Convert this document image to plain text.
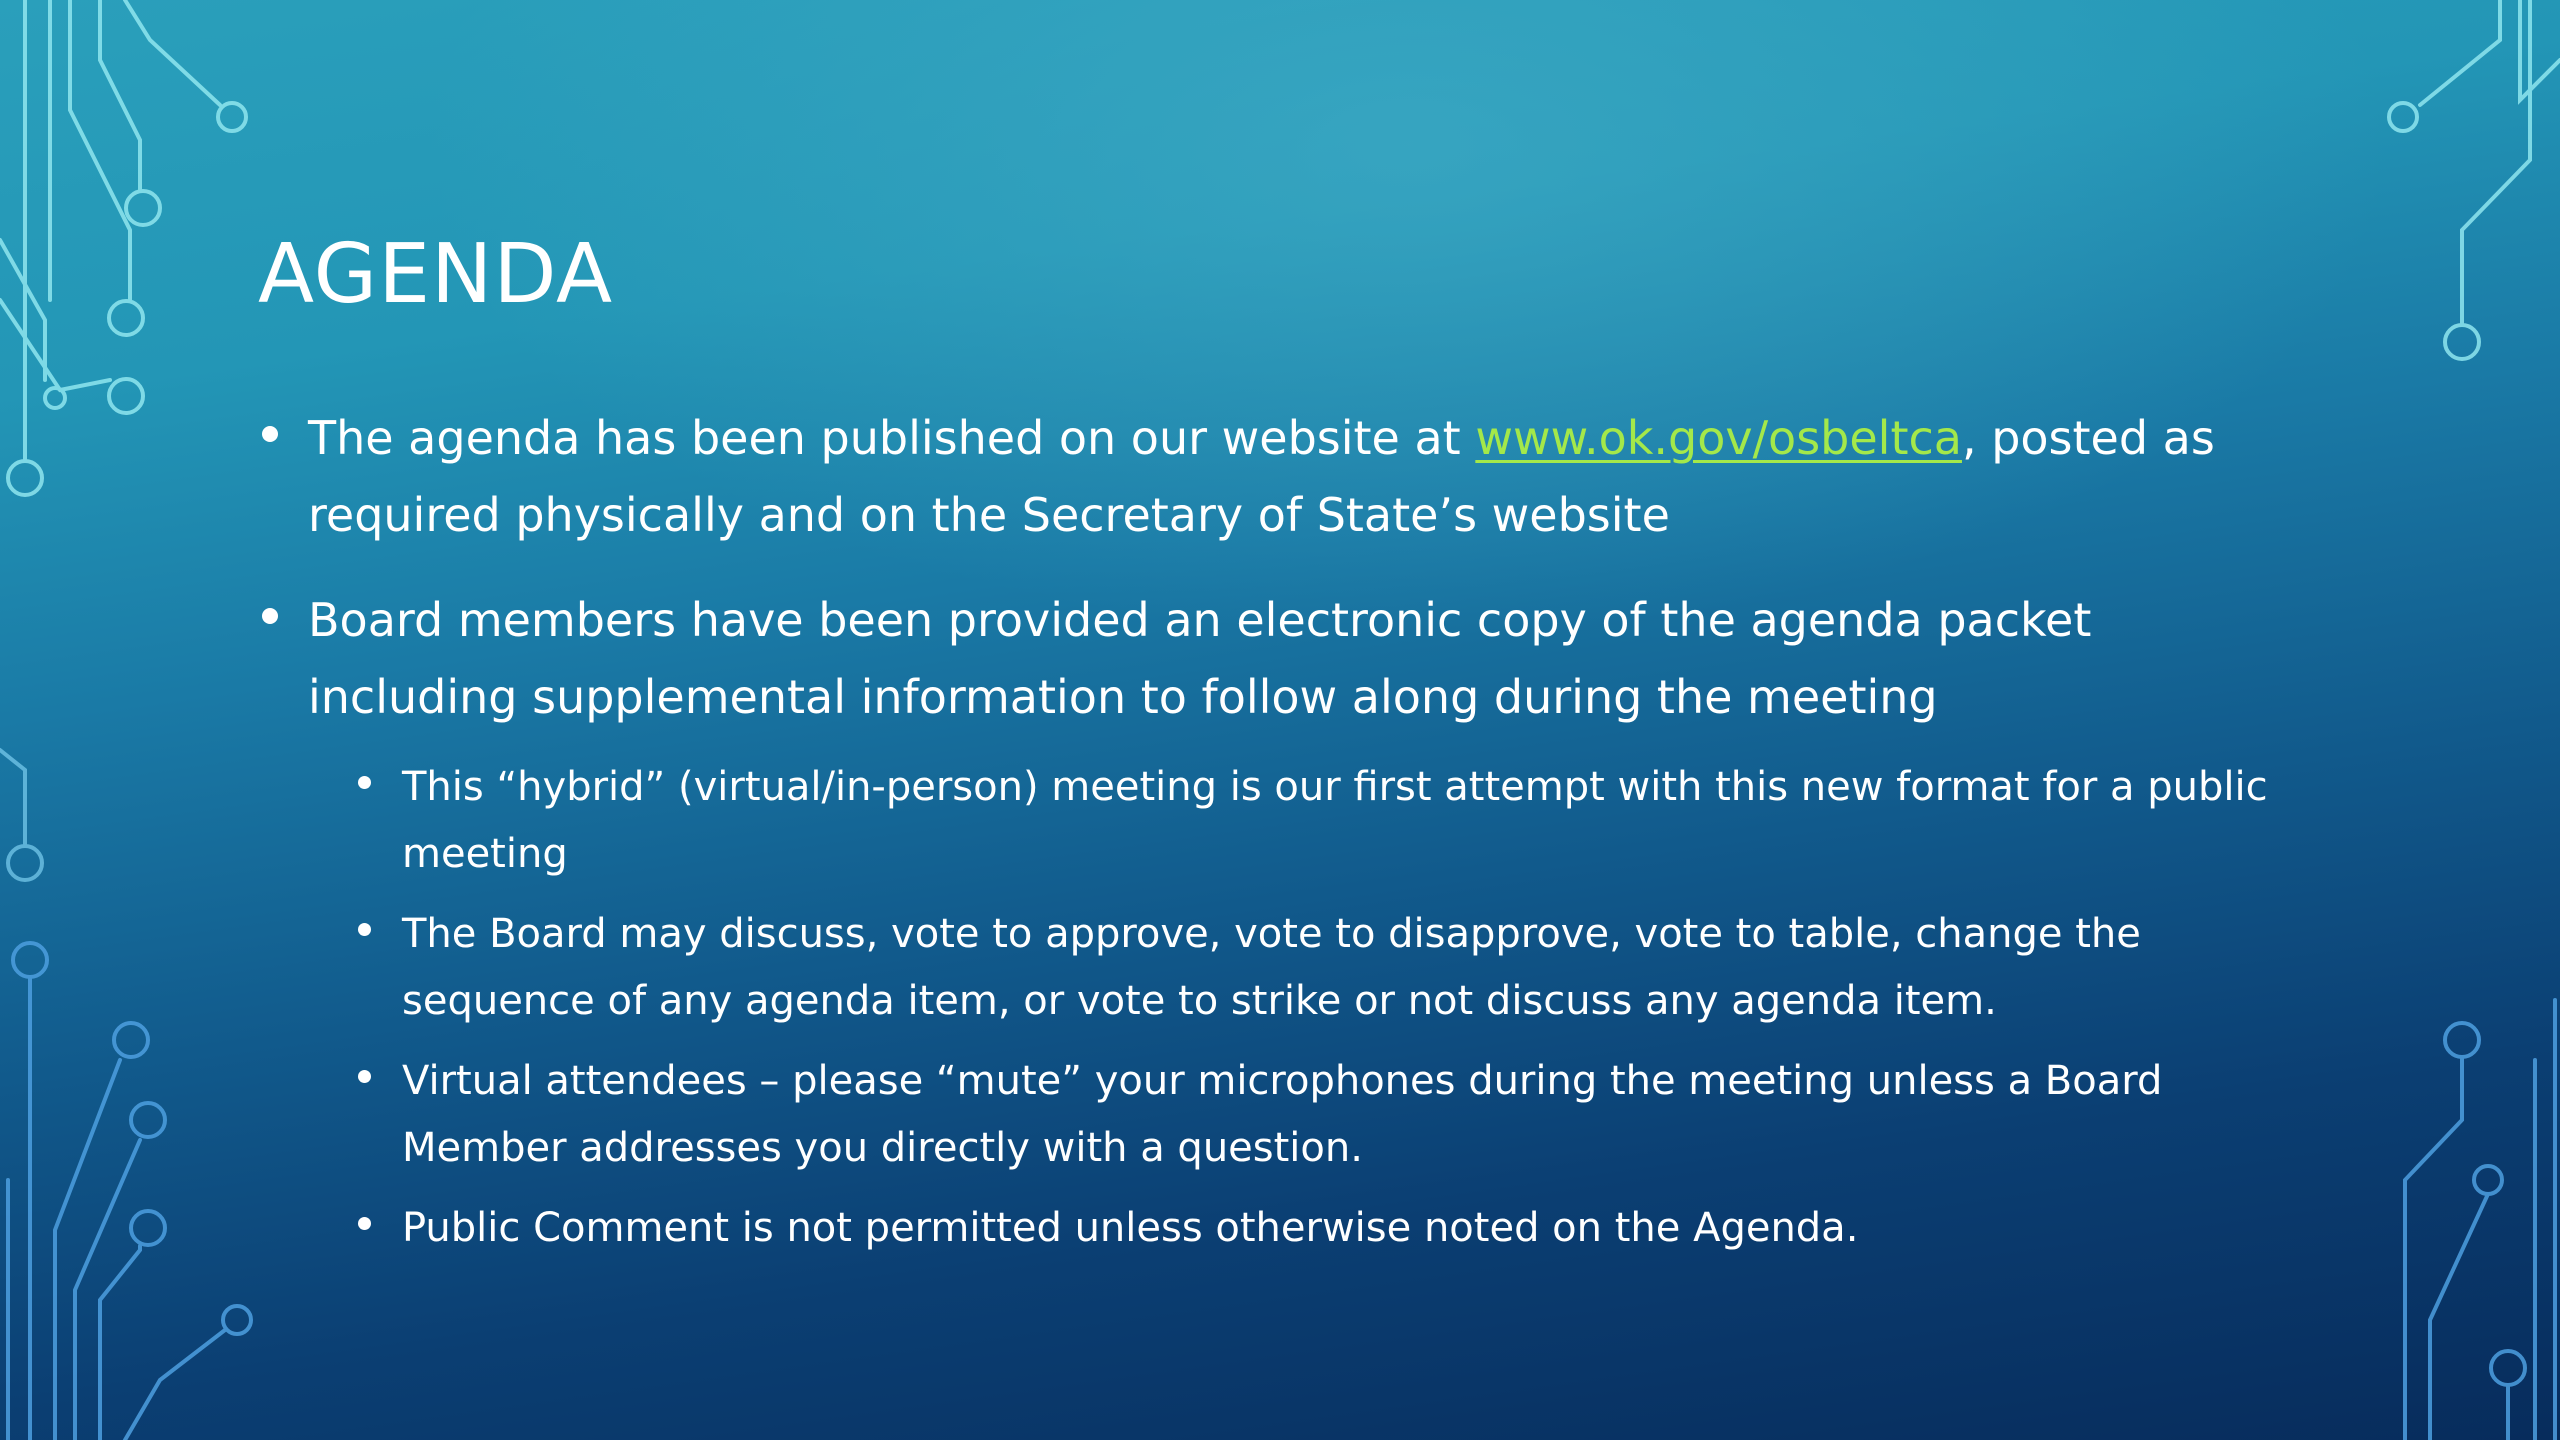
AGENDA
The agenda has been published on our website at www.ok.gov/osbeltca, posted as required physically and on the Secretary of State’s website
Board members have been provided an electronic copy of the agenda packet including supplemental information to follow along during the meeting
This “hybrid” (virtual/in-person) meeting is our first attempt with this new format for a public meeting
The Board may discuss, vote to approve, vote to disapprove, vote to table, change the sequence of any agenda item, or vote to strike or not discuss any agenda item.
Virtual attendees – please “mute” your microphones during the meeting unless a Board Member addresses you directly with a question.
Public Comment is not permitted unless otherwise noted on the Agenda.
